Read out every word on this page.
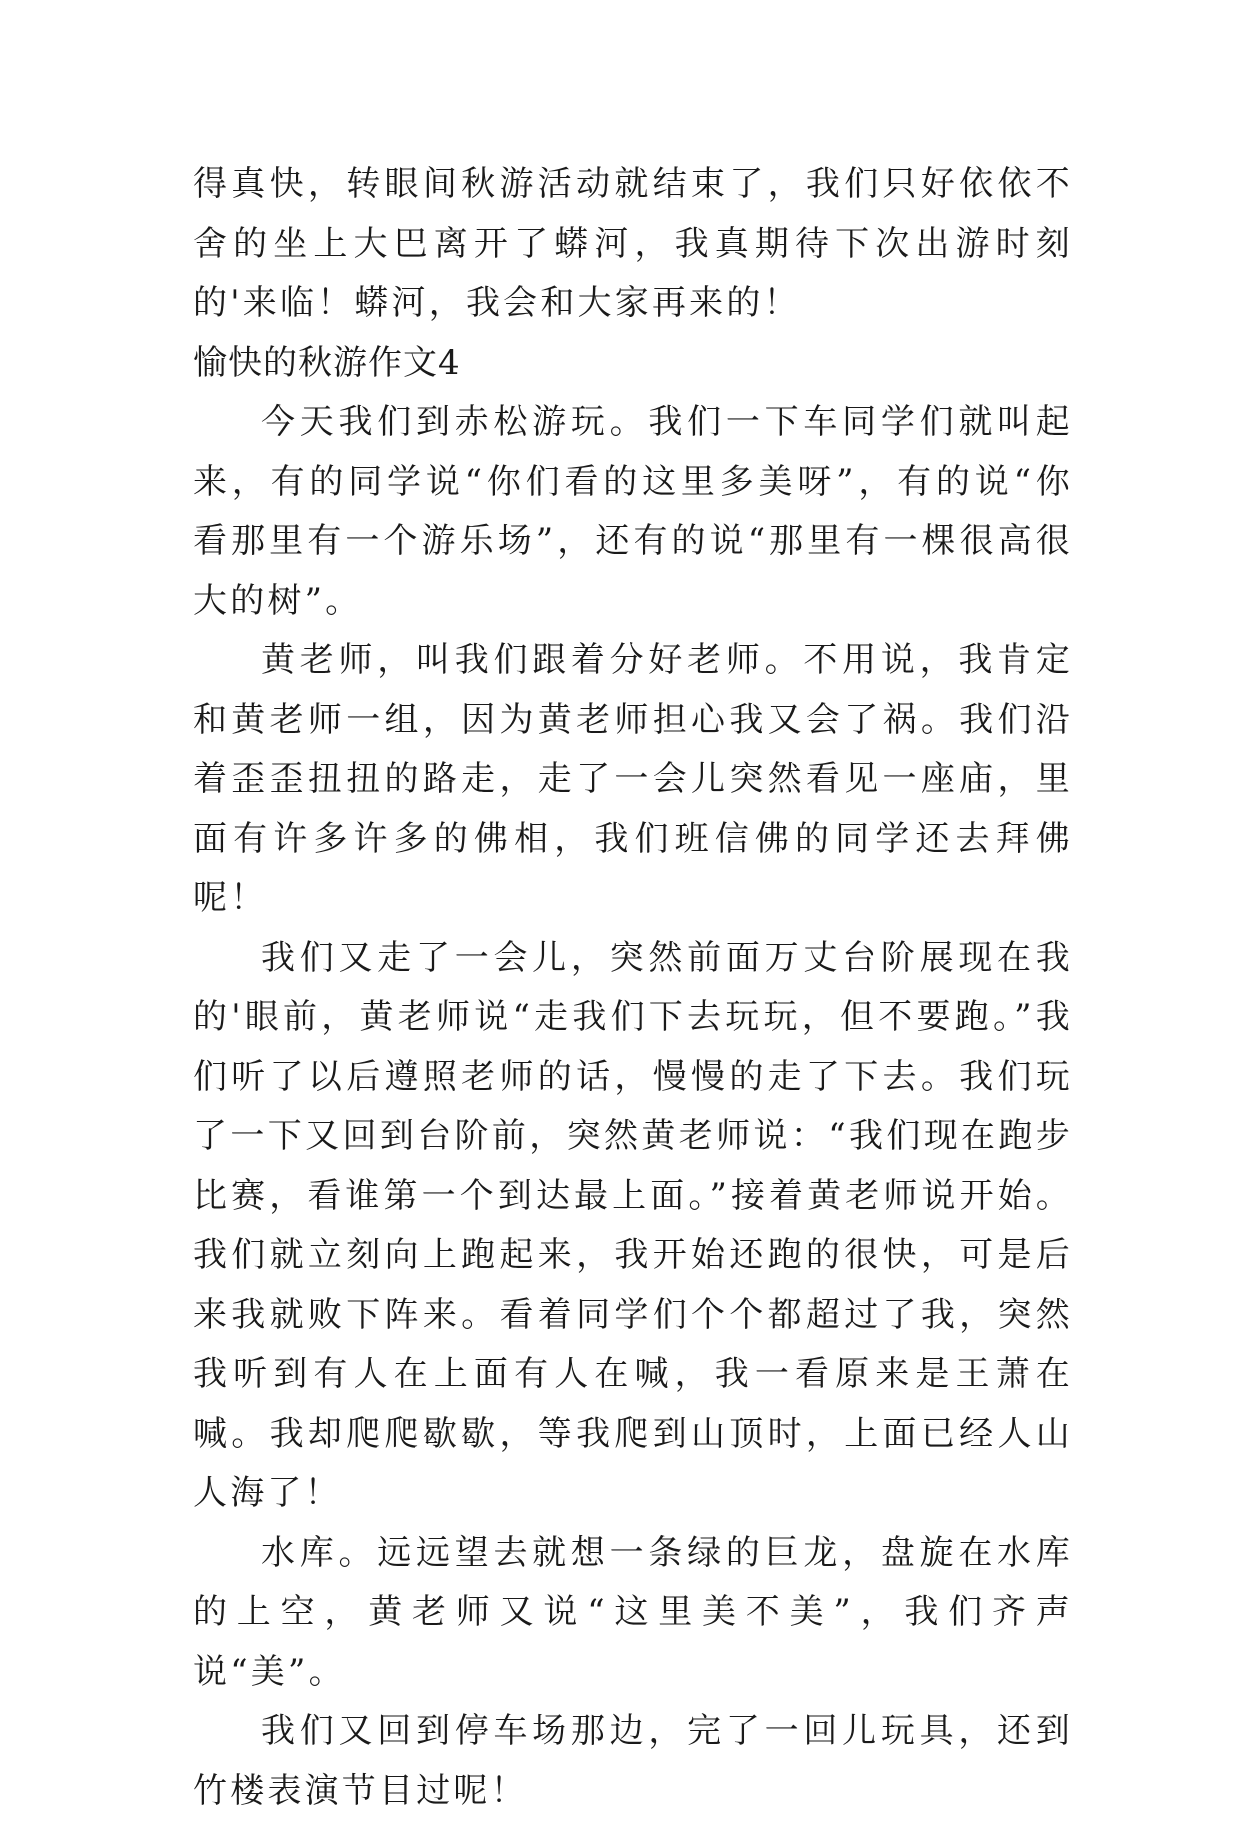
得真快，转眼间秋游活动就结束了，我们只好依依不舍的坐上大巴离开了蟒河，我真期待下次出游时刻的'来临！蟒河，我会和大家再来的！

愉快的秋游作文4

今天我们到赤松游玩。我们一下车同学们就叫起来，有的同学说“你们看的这里多美呀”，有的说“你看那里有一个游乐场”，还有的说“那里有一棵很高很大的树”。

黄老师，叫我们跟着分好老师。不用说，我肯定和黄老师一组，因为黄老师担心我又会了祸。我们沿着歪歪扭扭的路走，走了一会儿突然看见一座庙，里面有许多许多的佛相，我们班信佛的同学还去拜佛呢！

我们又走了一会儿，突然前面万丈台阶展现在我的'眼前，黄老师说“走我们下去玩玩，但不要跑。”我们听了以后遵照老师的话，慢慢的走了下去。我们玩了一下又回到台阶前，突然黄老师说：“我们现在跑步比赛，看谁第一个到达最上面。”接着黄老师说开始。我们就立刻向上跑起来，我开始还跑的很快，可是后来我就败下阵来。看着同学们个个都超过了我，突然我听到有人在上面有人在喊，我一看原来是王萧在喊。我却爬爬歇歇，等我爬到山顶时，上面已经人山人海了！

水库。远远望去就想一条绿的巨龙，盘旋在水库的上空，黄老师又说“这里美不美”，我们齐声说“美”。

我们又回到停车场那边，完了一回儿玩具，还到竹楼表演节目过呢！
